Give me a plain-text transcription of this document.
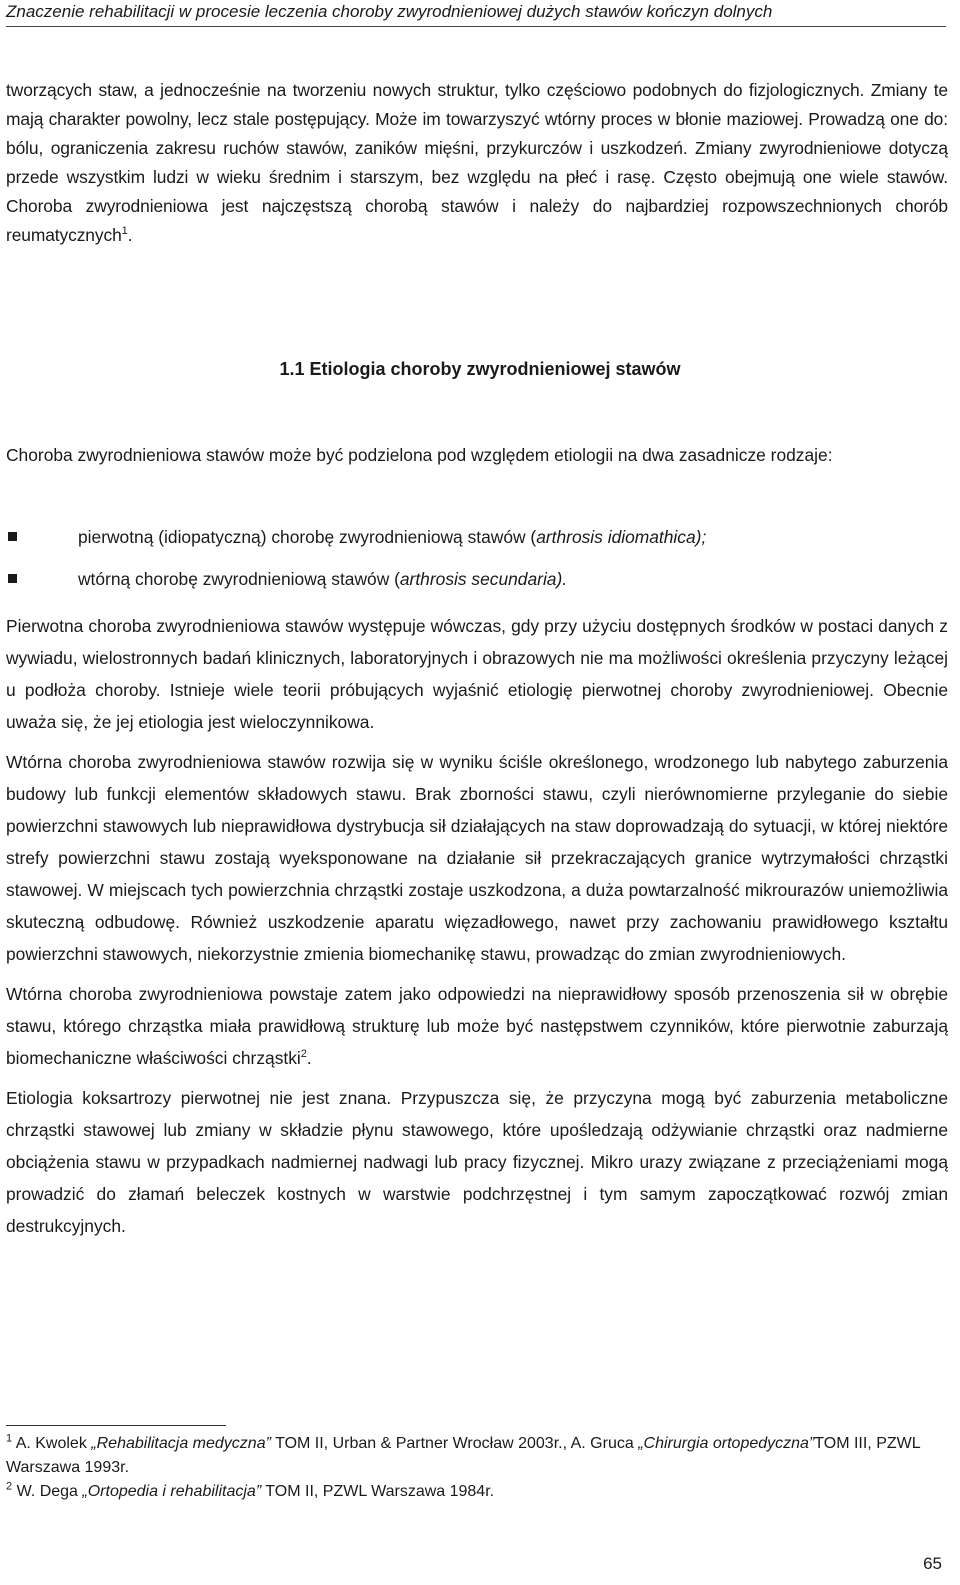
Znaczenie rehabilitacji w procesie leczenia choroby zwyrodnieniowej dużych stawów kończyn dolnych

tworzących staw, a jednocześnie na tworzeniu nowych struktur, tylko częściowo podobnych do fizjologicznych. Zmiany te mają charakter powolny, lecz stale postępujący. Może im towarzyszyć wtórny proces w błonie maziowej. Prowadzą one do: bólu, ograniczenia zakresu ruchów stawów, zaników mięśni, przykurczów i uszkodzeń. Zmiany zwyrodnieniowe dotyczą przede wszystkim ludzi w wieku średnim i starszym, bez względu na płeć i rasę. Często obejmują one wiele stawów. Choroba zwyrodnieniowa jest najczęstszą chorobą stawów i należy do najbardziej rozpowszechnionych chorób reumatycznych$^1$.

1.1 Etiologia choroby zwyrodnieniowej stawów

Choroba zwyrodnieniowa stawów może być podzielona pod względem etiologii na dwa zasadnicze rodzaje:

pierwotną (idiopatyczną) chorobę zwyrodnieniową stawów (arthrosis idiomathica);
wtórną chorobę zwyrodnieniową stawów (arthrosis secundaria).

Pierwotna choroba zwyrodnieniowa stawów występuje wówczas, gdy przy użyciu dostępnych środków w postaci danych z wywiadu, wielostronnych badań klinicznych, laboratoryjnych i obrazowych nie ma możliwości określenia przyczyny leżącej u podłoża choroby. Istnieje wiele teorii próbujących wyjaśnić etiologię pierwotnej choroby zwyrodnieniowej. Obecnie uważa się, że jej etiologia jest wieloczynnikowa.

Wtórna choroba zwyrodnieniowa stawów rozwija się w wyniku ściśle określonego, wrodzonego lub nabytego zaburzenia budowy lub funkcji elementów składowych stawu. Brak zborności stawu, czyli nierównomierne przyleganie do siebie powierzchni stawowych lub nieprawidłowa dystrybucja sił działających na staw doprowadzają do sytuacji, w której niektóre strefy powierzchni stawu zostają wyeksponowane na działanie sił przekraczających granice wytrzymałości chrząstki stawowej. W miejscach tych powierzchnia chrząstki zostaje uszkodzona, a duża powtarzalność mikrourazów uniemożliwia skuteczną odbudowę. Również uszkodzenie aparatu więzadłowego, nawet przy zachowaniu prawidłowego kształtu powierzchni stawowych, niekorzystnie zmienia biomechanikę stawu, prowadząc do zmian zwyrodnieniowych.

Wtórna choroba zwyrodnieniowa powstaje zatem jako odpowiedzi na nieprawidłowy sposób przenoszenia sił w obrębie stawu, którego chrząstka miała prawidłową strukturę lub może być następstwem czynników, które pierwotnie zaburzają biomechaniczne właściwości chrząstki$^2$.

Etiologia koksartrozy pierwotnej nie jest znana. Przypuszcza się, że przyczyna mogą być zaburzenia metaboliczne chrząstki stawowej lub zmiany w składzie płynu stawowego, które upośledzają odżywianie chrząstki oraz nadmierne obciążenia stawu w przypadkach nadmiernej nadwagi lub pracy fizycznej. Mikro urazy związane z przeciążeniami mogą prowadzić do złamań beleczek kostnych w warstwie podchrzęstnej i tym samym zapoczątkować rozwój zmian destrukcyjnych.

$^1$ A. Kwolek „Rehabilitacja medyczna” TOM II, Urban & Partner Wrocław 2003r., A. Gruca „Chirurgia ortopedyczna”TOM III, PZWL Warszawa 1993r.
$^2$ W. Dega „Ortopedia i rehabilitacja” TOM II, PZWL Warszawa 1984r.
65
